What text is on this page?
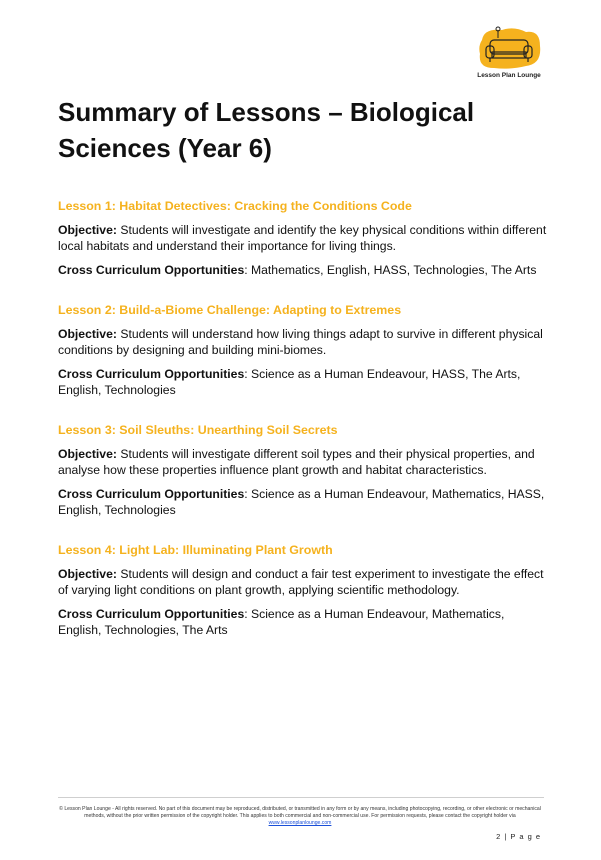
Lesson Plan Lounge
Summary of Lessons – Biological Sciences (Year 6)
Lesson 1: Habitat Detectives: Cracking the Conditions Code
Objective: Students will investigate and identify the key physical conditions within different local habitats and understand their importance for living things.
Cross Curriculum Opportunities: Mathematics, English, HASS, Technologies, The Arts
Lesson 2: Build-a-Biome Challenge: Adapting to Extremes
Objective: Students will understand how living things adapt to survive in different physical conditions by designing and building mini-biomes.
Cross Curriculum Opportunities: Science as a Human Endeavour, HASS, The Arts, English, Technologies
Lesson 3: Soil Sleuths: Unearthing Soil Secrets
Objective: Students will investigate different soil types and their physical properties, and analyse how these properties influence plant growth and habitat characteristics.
Cross Curriculum Opportunities: Science as a Human Endeavour, Mathematics, HASS, English, Technologies
Lesson 4: Light Lab: Illuminating Plant Growth
Objective: Students will design and conduct a fair test experiment to investigate the effect of varying light conditions on plant growth, applying scientific methodology.
Cross Curriculum Opportunities: Science as a Human Endeavour, Mathematics, English, Technologies, The Arts
© Lesson Plan Lounge - All rights reserved. No part of this document may be reproduced, distributed, or transmitted in any form or by any means, including photocopying, recording, or other electronic or mechanical methods, without the prior written permission of the copyright holder. This applies to both commercial and non-commercial use. For permission requests, please contact the copyright holder via
www.lessonplanlounge.com
2 | P a g e
